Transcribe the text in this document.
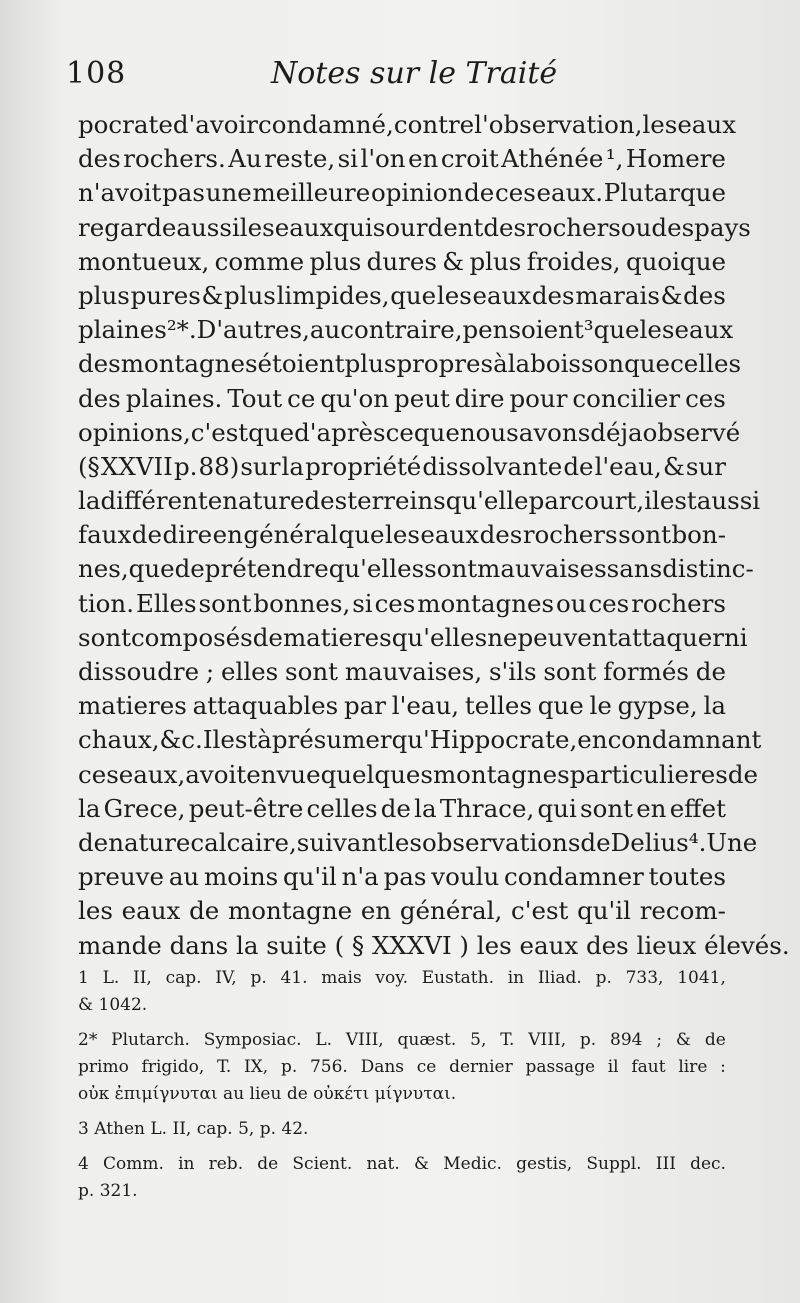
108	Notes sur le Traité
pocrate d'avoir condamné, contre l'observation, les eaux
des rochers. Au reste, si l'on en croit Athénée ¹, Homere
n'avoit pas une meilleure opinion de ces eaux. Plutarque
regarde aussi les eaux qui sourdent des rochers ou des pays
montueux, comme plus dures & plus froides, quoique
plus pures & plus limpides, que les eaux des marais & des
plaines ²*. D'autres, au contraire, pensoient ³ que les eaux
des montagnes étoient plus propres à la boisson que celles
des plaines. Tout ce qu'on peut dire pour concilier ces
opinions, c'est que d'après ce que nous avons déja observé
(§ XXVII p. 88) sur la propriété dissolvante de l'eau, & sur
la différente nature des terreins qu'elle parcourt, il est aussi
faux de dire en général que les eaux des rochers sont bon-
nes, que de prétendre qu'elles sont mauvaises sans distinc-
tion. Elles sont bonnes, si ces montagnes ou ces rochers
sont composés de matieres qu'elles ne peuvent attaquer ni
dissoudre ; elles sont mauvaises, s'ils sont formés de
matieres attaquables par l'eau, telles que le gypse, la
chaux, &c. Il est à présumer qu'Hippocrate, en condamnant
ces eaux, avoit en vue quelques montagnes particulieres de
la Grece, peut-être celles de la Thrace, qui sont en effet
de nature calcaire, suivant les observations de Delius ⁴. Une
preuve au moins qu'il n'a pas voulu condamner toutes
les eaux de montagne en général, c'est qu'il recom-
mande dans la suite ( § XXXVI ) les eaux des lieux élevés.
1 L. II, cap. IV, p. 41. mais voy. Eustath. in Iliad. p. 733, 1041,
& 1042.
2* Plutarch. Symposiac. L. VIII, quæst. 5, T. VIII, p. 894 ; & de
primo frigido, T. IX, p. 756. Dans ce dernier passage il faut lire :
οὐκ ἐπιμίγνυται au lieu de οὐκέτι μίγνυται.
3 Athen L. II, cap. 5, p. 42.
4 Comm. in reb. de Scient. nat. & Medic. gestis, Suppl. III dec.
p. 321.
